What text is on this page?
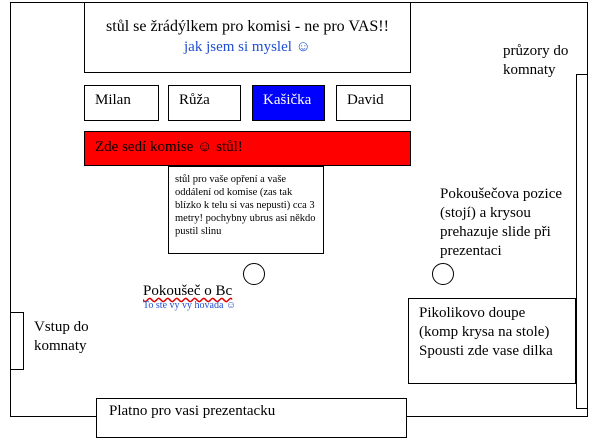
stůl se žrádýlkem pro komisi - ne pro VAS!!
jak jsem si myslel ☺
Milan	Růža	Kašička	David
Zde sedí komise ☺ stůl!
stůl pro vaše opření a vaše oddálení od komise (zas tak blízko k telu si vas nepusti) cca 3 metry! pochybny ubrus asi někdo pustil slinu
průzory do komnaty
Pokoušečova pozice (stojí) a krysou prehazuje slide při prezentaci
Pokoušeč o Bc
To ste vy vy hovada ☺
Vstup do komnaty
Pikolikovo doupe (komp krysa na stole) Spousti zde vase dilka
Platno pro vasi prezentacku
